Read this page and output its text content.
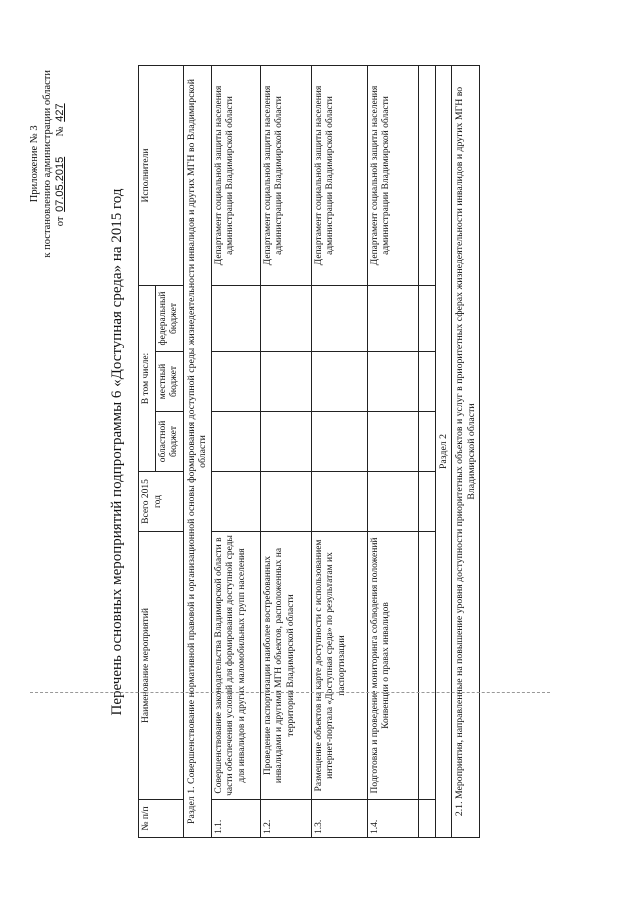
Приложение № 3 к постановлению администрации области от 07.05.2015       № 427
Перечень основных мероприятий подпрограммы 6 «Доступная среда» на 2015 год
№ п/п	Наименование мероприятий	Всего 2015 год	В том числе:			Исполнители
			областной бюджет	местный бюджет	федеральный бюджет	
Раздел 1. Совершенствование нормативной правовой и организационной основы формирования доступной среды жизнедеятельности инвалидов и других МГН во Владимирской области						
1.1.	Совершенствование законодательства Владимирской области в части обеспечения условий для формирования доступной среды для инвалидов и других маломобильных групп населения					Департамент социальной защиты населения администрации Владимирской области
1.2.	Проведение паспортизации наиболее востребованных инвалидами и другими МГН объектов, расположенных на территории Владимирской области					Департамент социальной защиты населения администрации Владимирской области
1.3.	Размещение объектов на карте доступности с использованием интернет-портала «Доступная среда» по результатам их паспортизации					Департамент социальной защиты населения администрации Владимирской области
1.4.	Подготовка и проведение мониторинга соблюдения положений Конвенции о правах инвалидов					Департамент социальной защиты населения администрации Владимирской области

Раздел 2						
2.1. Мероприятия, направленные на повышение уровня доступности приоритетных объектов и услуг в приоритетных сферах жизнедеятельности инвалидов и других МГН во Владимирской области						
